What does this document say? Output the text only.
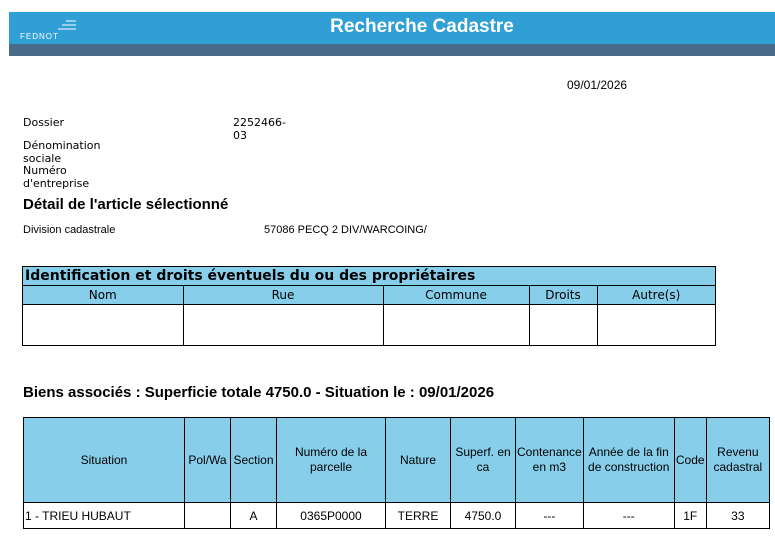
FEDNOT	Recherche Cadastre
09/01/2026
Dossier	2252466-03
Dénomination sociale
Numéro d'entreprise
Détail de l'article sélectionné
Division cadastrale	57086 PECQ 2 DIV/WARCOING/
Identification et droits éventuels du ou des propriétaires
Nom	Rue	Commune	Droits	Autre(s)

Biens associés : Superficie totale 4750.0 - Situation le : 09/01/2026
Situation	Pol/Wa	Section	Numéro de la parcelle	Nature	Superf. en ca	Contenance en m3	Année de la fin de construction	Code	Revenu cadastral
1 - TRIEU HUBAUT		A	0365P0000	TERRE	4750.0	---	---	1F	33
